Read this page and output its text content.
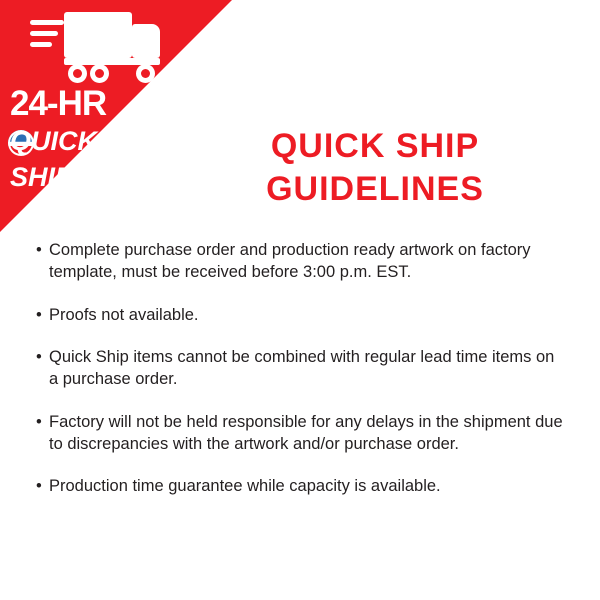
24-HR
QUICK
SHIP
QUICK SHIP
GUIDELINES
• Complete purchase order and production ready artwork on factory template, must be received before 3:00 p.m. EST.
• Proofs not available.
• Quick Ship items cannot be combined with regular lead time items on a purchase order.
• Factory will not be held responsible for any delays in the shipment due to discrepancies with the artwork and/or purchase order.
• Production time guarantee while capacity is available.
